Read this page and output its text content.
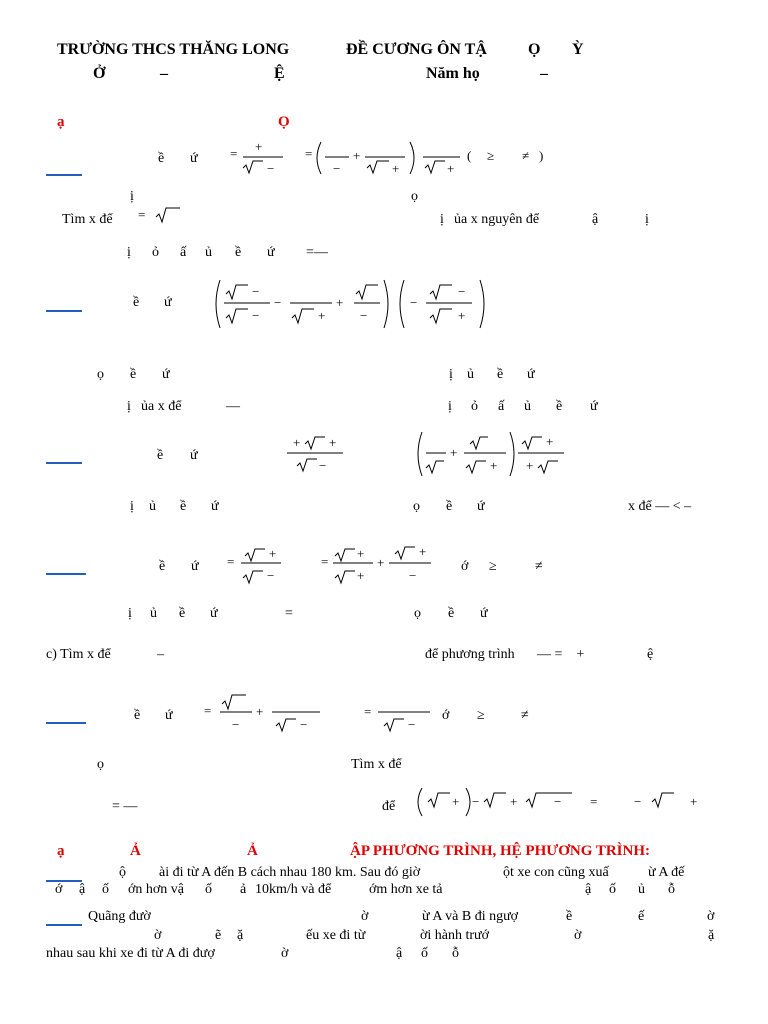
TRƯỜNG THCS THĂNG LONG	ĐỀ CƯƠNG ÔN TẬ	Ọ Ỳ
Ở	–	Ệ	Năm họ	–
ạ	Ọ
ề ứ = +
−
=
−
+
+	+
( ≥ ≠ )
ị	ọ
Tìm x để =	ị ủa x nguyên để	ậ	ị
ị ỏ ấ ủ ề ứ =—
ề ứ
−
−
−
+
+
−
−
−
+
ọ ề ứ	ị ủ ề ứ
ị ủa x để	—	ị ỏ ấ ủ ề ứ
ề ứ
+ +
−
+
+
+
+
ị ủ ề ứ	ọ ề ứ	x để — < –
ề ứ =
+
−
=
+
+
+
+
−
ớ ≥	≠
ị ủ ề ứ	=	ọ ề ứ
c) Tìm x để	–	để phương trình — =    +	ệ
ề ứ =
−
+
−
=
−
ớ ≥	≠
ọ	Tìm x để
= —	để	+ − +	− =	−	+
ạ	Ả	Ả	ẬP PHƯƠNG TRÌNH, HỆ PHƯƠNG TRÌNH:
ộ ài đi từ A đến B cách nhau 180 km. Sau đó giờ	ột xe con cũng xuấ	ừ A đế
ớ ậ ố ớn hơn vậ ố ả 10km/h và để	ớm hơn xe tả	ậ ố ủ ỗ
Quãng đườ	ờ	ừ A và B đi ngượ	ề	ế	ờ
ờ	ẽ ặ	ếu xe đi từ	ời hành trướ	ờ	ặ
nhau sau khi xe đi từ A đi đượ	ờ	ậ ố ỗ
